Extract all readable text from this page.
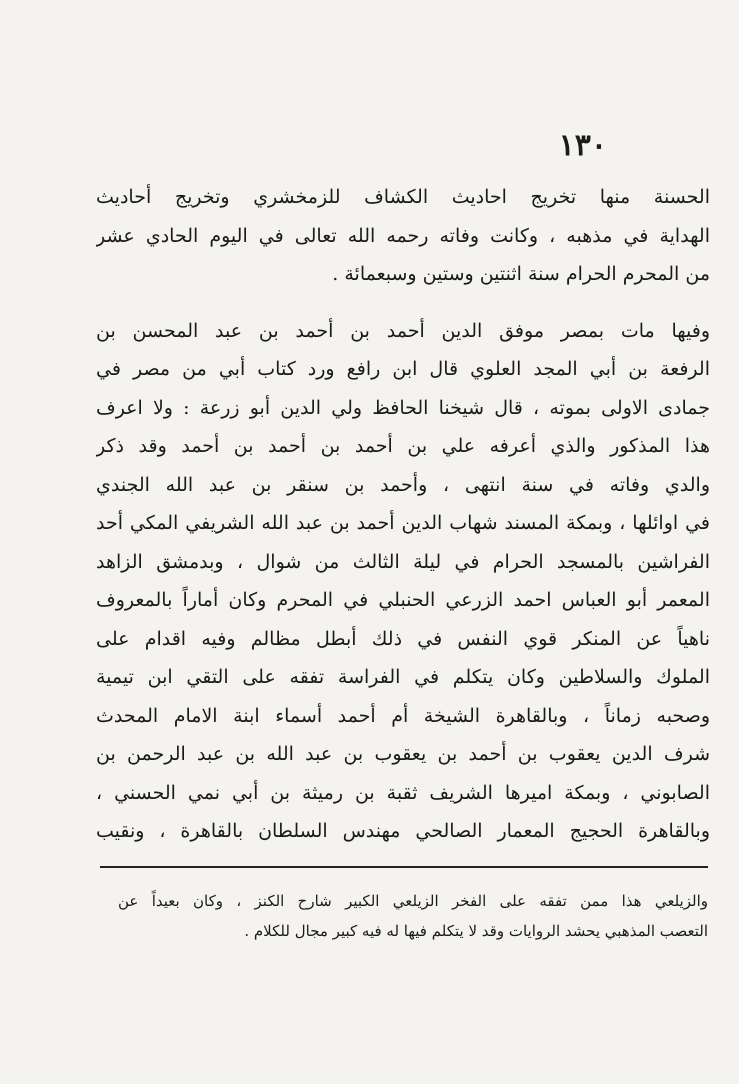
١٣٠
الحسنة منها تخريج احاديث الكشاف للزمخشري وتخريج أحاديث
الهداية في مذهبه ، وكانت وفاته رحمه الله تعالى في اليوم الحادي عشر
من المحرم الحرام سنة اثنتين وستين وسبعمائة .
وفيها مات بمصر موفق الدين أحمد بن أحمد بن عبد المحسن بن
الرفعة بن أبي المجد العلوي قال ابن رافع ورد كتاب أبي من مصر في
جمادى الاولى بموته ، قال شيخنا الحافظ ولي الدين أبو زرعة : ولا اعرف
هذا المذكور والذي أعرفه علي بن أحمد بن أحمد بن أحمد وقد ذكر
والدي وفاته في سنة انتهى ، وأحمد بن سنقر بن عبد الله الجندي
في اوائلها ، وبمكة المسند شهاب الدين أحمد بن عبد الله الشريفي المكي أحد
الفراشين بالمسجد الحرام في ليلة الثالث من شوال ، وبدمشق الزاهد
المعمر أبو العباس احمد الزرعي الحنبلي في المحرم وكان أماراً بالمعروف
ناهياً عن المنكر قوي النفس في ذلك أبطل مظالم وفيه اقدام على
الملوك والسلاطين وكان يتكلم في الفراسة تفقه على التقي ابن تيمية
وصحبه زماناً ، وبالقاهرة الشيخة أم أحمد أسماء ابنة الامام المحدث
شرف الدين يعقوب بن أحمد بن يعقوب بن عبد الله بن عبد الرحمن بن
الصابوني ، وبمكة اميرها الشريف ثقبة بن رميثة بن أبي نمي الحسني ،
وبالقاهرة الحجيج المعمار الصالحي مهندس السلطان بالقاهرة ، ونقيب
والزيلعي هذا ممن تفقه على الفخر الزيلعي الكبير شارح الكنز ، وكان بعيداً عن
التعصب المذهبي يحشد الروايات وقد لا يتكلم فيها له فيه كبير مجال للكلام .
